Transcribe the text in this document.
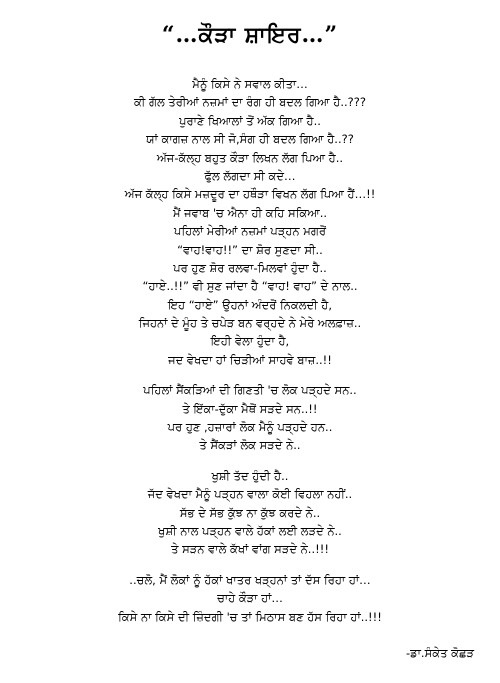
“…ਕੌੜਾ ਸ਼ਾਇਰ…”
ਮੈਨੂੰ ਕਿਸੇ ਨੇ ਸਵਾਲ ਕੀਤਾ…
ਕੀ ਗੱਲ ਤੇਰੀਆਂ ਨਜ਼ਮਾਂ ਦਾ ਰੰਗ ਹੀ ਬਦਲ ਗਿਆ ਹੈ..???
ਪੁਰਾਣੇ ਖਿਆਲਾਂ ਤੋਂ ਅੱਕ ਗਿਆ ਹੈ..
ਯਾਂ ਕਾਗਜ਼ ਨਾਲ ਸੀ ਜੋ,ਸੰਗ ਹੀ ਬਦਲ ਗਿਆ ਹੈ..??
ਅੱਜ-ਕੱਲ੍ਹ ਬਹੁਤ ਕੌੜਾ ਲਿਖਨ ਲੱਗ ਪਿਆ ਹੈ..
ਫੁੱਲ ਲੱਗਦਾ ਸੀ ਕਦੇ…
ਅੱਜ ਕੱਲ੍ਹ ਕਿਸੇ ਮਜ਼ਦੂਰ ਦਾ ਹਥੌੜਾ ਵਿਖਨ ਲੱਗ ਪਿਆ ਹੈਂ…!!
ਮੈਂ ਜਵਾਬ 'ਚ ਐਨਾ ਹੀ ਕਹਿ ਸਕਿਆ..
ਪਹਿਲਾਂ ਮੇਰੀਆਂ ਨਜ਼ਮਾਂ ਪੜ੍ਹਨ ਮਗਰੋਂ
“ਵਾਹ!ਵਾਹ!!” ਦਾ ਸ਼ੋਰ ਸੁਣਦਾ ਸੀ..
ਪਰ ਹੁਣ ਸ਼ੋਰ ਰਲਵਾ-ਮਿਲਵਾਂ ਹੁੰਦਾ ਹੈ..
“ਹਾਏ..!!” ਵੀ ਸੁਣ ਜਾਂਦਾ ਹੈ “ਵਾਹ! ਵਾਹ” ਦੇ ਨਾਲ..
ਇਹ “ਹਾਏ” ਉਹਨਾਂ ਅੰਦਰੋਂ ਨਿਕਲਦੀ ਹੈ,
ਜਿਹਨਾਂ ਦੇ ਮੂੰਹ ਤੇ ਚਪੇੜ ਬਨ ਵਰ੍ਹਦੇ ਨੇ ਮੇਰੇ ਅਲਫ਼ਾਜ਼..
ਇਹੀ ਵੇਲਾ ਹੁੰਦਾ ਹੈ,
ਜਦ ਵੇਖਦਾ ਹਾਂ ਚਿੜੀਆਂ ਸਾਹਵੇ ਬਾਜ਼..!!
ਪਹਿਲਾਂ ਸੈਂਕੜਿਆਂ ਦੀ ਗਿਣਤੀ 'ਚ ਲੋਕ ਪੜ੍ਹਦੇ ਸਨ..
ਤੇ ਇੱਕਾ-ਦੁੱਕਾ ਮੈਥੋਂ ਸੜਦੇ ਸਨ..!!
ਪਰ ਹੁਣ ,ਹਜ਼ਾਰਾਂ ਲੋਕ ਮੈਨੂੰ ਪੜ੍ਹਦੇ ਹਨ..
ਤੇ ਸੈਂਕੜਾਂ ਲੋਕ ਸੜਦੇ ਨੇ..
ਖੁਸ਼ੀ ਤੱਦ ਹੁੰਦੀ ਹੈ..
ਜੱਦ ਵੇਖਦਾ ਮੈਨੂੰ ਪੜ੍ਹਨ ਵਾਲਾ ਕੋਈ ਵਿਹਲਾ ਨਹੀਂ..
ਸੱਭ ਦੇ ਸੱਭ ਕੁੱਝ ਨਾ ਕੁੱਝ ਕਰਦੇ ਨੇ..
ਖੁਸ਼ੀ ਨਾਲ ਪੜ੍ਹਨ ਵਾਲੇ ਹੱਕਾਂ ਲਈ ਲੜਦੇ ਨੇ..
ਤੇ ਸੜਨ ਵਾਲੇ ਕੱਖਾਂ ਵਾਂਗ ਸੜਦੇ ਨੇ..!!!
..ਚਲੋ, ਮੈਂ ਲੋਕਾਂ ਨੂੰ ਹੱਕਾਂ ਖਾਤਰ ਖੜ੍ਹਨਾਂ ਤਾਂ ਦੱਸ ਰਿਹਾ ਹਾਂ…
ਚਾਹੇ ਕੌੜਾ ਹਾਂ…
ਕਿਸੇ ਨਾ ਕਿਸੇ ਦੀ ਜ਼ਿੰਦਗੀ 'ਚ ਤਾਂ ਮਿਠਾਸ ਬਣ ਹੱਸ ਰਿਹਾ ਹਾਂ..!!!
-ਡਾ.ਸੰਕੇਤ ਕੋਛੜ
